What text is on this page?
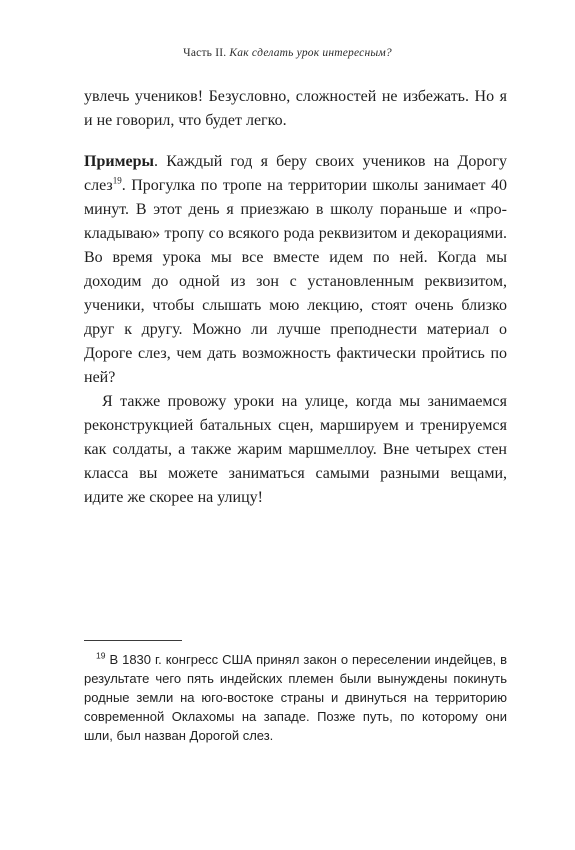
Часть II. Как сделать урок интересным?

увлечь учеников! Безусловно, сложностей не избежать. Но я и не говорил, что будет легко.

Примеры. Каждый год я беру своих учеников на Дорогу слез$^{19}$. Прогулка по тропе на территории школы занимает 40 минут. В этот день я приезжаю в школу пораньше и «прокладываю» тропу со всякого рода реквизитом и декорациями. Во время урока мы все вместе идем по ней. Когда мы доходим до одной из зон с установленным реквизитом, ученики, чтобы слышать мою лекцию, стоят очень близко друг к другу. Можно ли лучше преподнести материал о Дороге слез, чем дать возможность фактически пройтись по ней?

Я также провожу уроки на улице, когда мы занимаемся реконструкцией батальных сцен, маршируем и тренируемся как солдаты, а также жарим маршмеллоу. Вне четырех стен класса вы можете заниматься самыми разными вещами, идите же скорее на улицу!

$^{19}$ В 1830 г. конгресс США принял закон о переселении индейцев, в результате чего пять индейских племен были вынуждены покинуть родные земли на юго-востоке страны и двинуться на территорию современной Оклахомы на западе. Позже путь, по которому они шли, был назван Дорогой слез.
